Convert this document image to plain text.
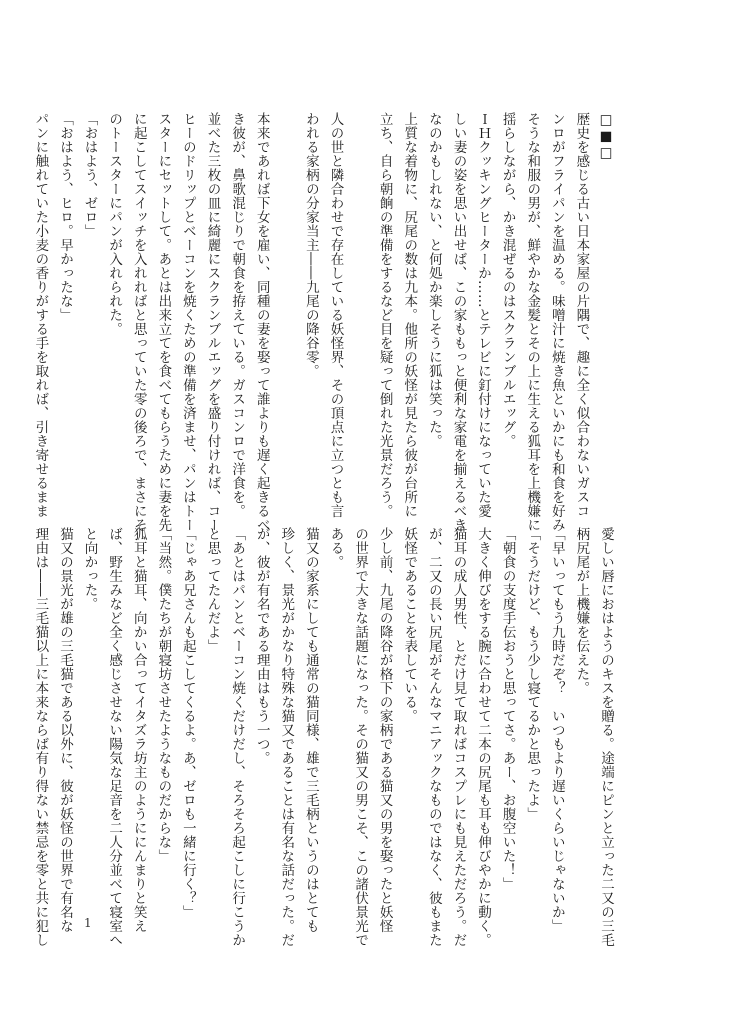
□■□
歴史を感じる古い日本家屋の片隅で、趣に全く似合わないガスコ
ンロがフライパンを温める。味噌汁に焼き魚といかにも和食を好み
そうな和服の男が、鮮やかな金髪とその上に生える狐耳を上機嫌に
揺らしながら、かき混ぜるのはスクランブルエッグ。
ＩＨクッキングヒーターか……とテレビに釘付けになっていた愛
しい妻の姿を思い出せば、この家ももっと便利な家電を揃えるべき
なのかもしれない、と何処か楽しそうに狐は笑った。
上質な着物に、尻尾の数は九本。他所の妖怪が見たら彼が台所に
立ち、自ら朝餉の準備をするなど目を疑って倒れた光景だろう。
人の世と隣合わせで存在している妖怪界、その頂点に立つとも言
われる家柄の分家当主――九尾の降谷零。
本来であれば下女を雇い、同種の妻を娶って誰よりも遅く起きるべ
き彼が、鼻歌混じりで朝食を拵えている。ガスコンロで洋食を。
並べた三枚の皿に綺麗にスクランブルエッグを盛り付ければ、コー
ヒーのドリップとベーコンを焼くための準備を済ませ、パンはトー
スターにセットして。あとは出来立てを食べてもらうために妻を先
に起こしてスイッチを入れればと思っていた零の後ろで、まさにそ
のトースターにパンが入れられた。
「おはよう、ゼロ」
「おはよう、ヒロ。早かったな」
パンに触れていた小麦の香りがする手を取れば、引き寄せるまま
愛しい唇におはようのキスを贈る。途端にピンと立った二又の三毛
柄尻尾が上機嫌を伝えた。
「早いってもう九時だぞ？　いつもより遅いくらいじゃないか」
「そうだけど、もう少し寝てるかと思ったよ」
「朝食の支度手伝おうと思ってさ。あー、お腹空いた！」
大きく伸びをする腕に合わせて二本の尻尾も耳も伸びやかに動く。
猫耳の成人男性、とだけ見て取ればコスプレにも見えただろう。だ
が、二又の長い尻尾がそんなマニアックなものではなく、彼もまた
妖怪であることを表している。
少し前、九尾の降谷が格下の家柄である猫又の男を娶ったと妖怪
の世界で大きな話題になった。その猫又の男こそ、この諸伏景光で
ある。
猫又の家系にしても通常の猫同様、雄で三毛柄というのはとても
珍しく、景光がかなり特殊な猫又であることは有名な話だった。だ
が、彼が有名である理由はもう一つ。
「あとはパンとベーコン焼くだけだし、そろそろ起こしに行こうか
と思ってたんだよ」
「じゃあ兄さんも起こしてくるよ。あ、ゼロも一緒に行く？」
「当然。僕たちが朝寝坊させたようなものだからな」
狐耳と猫耳、向かい合ってイタズラ坊主のようににんまりと笑え
ば、野生みなど全く感じさせない陽気な足音を二人分並べて寝室へ
と向かった。
猫又の景光が雄の三毛猫である以外に、彼が妖怪の世界で有名な
理由は――三毛猫以上に本来ならば有り得ない禁忌を零と共に犯し	1
